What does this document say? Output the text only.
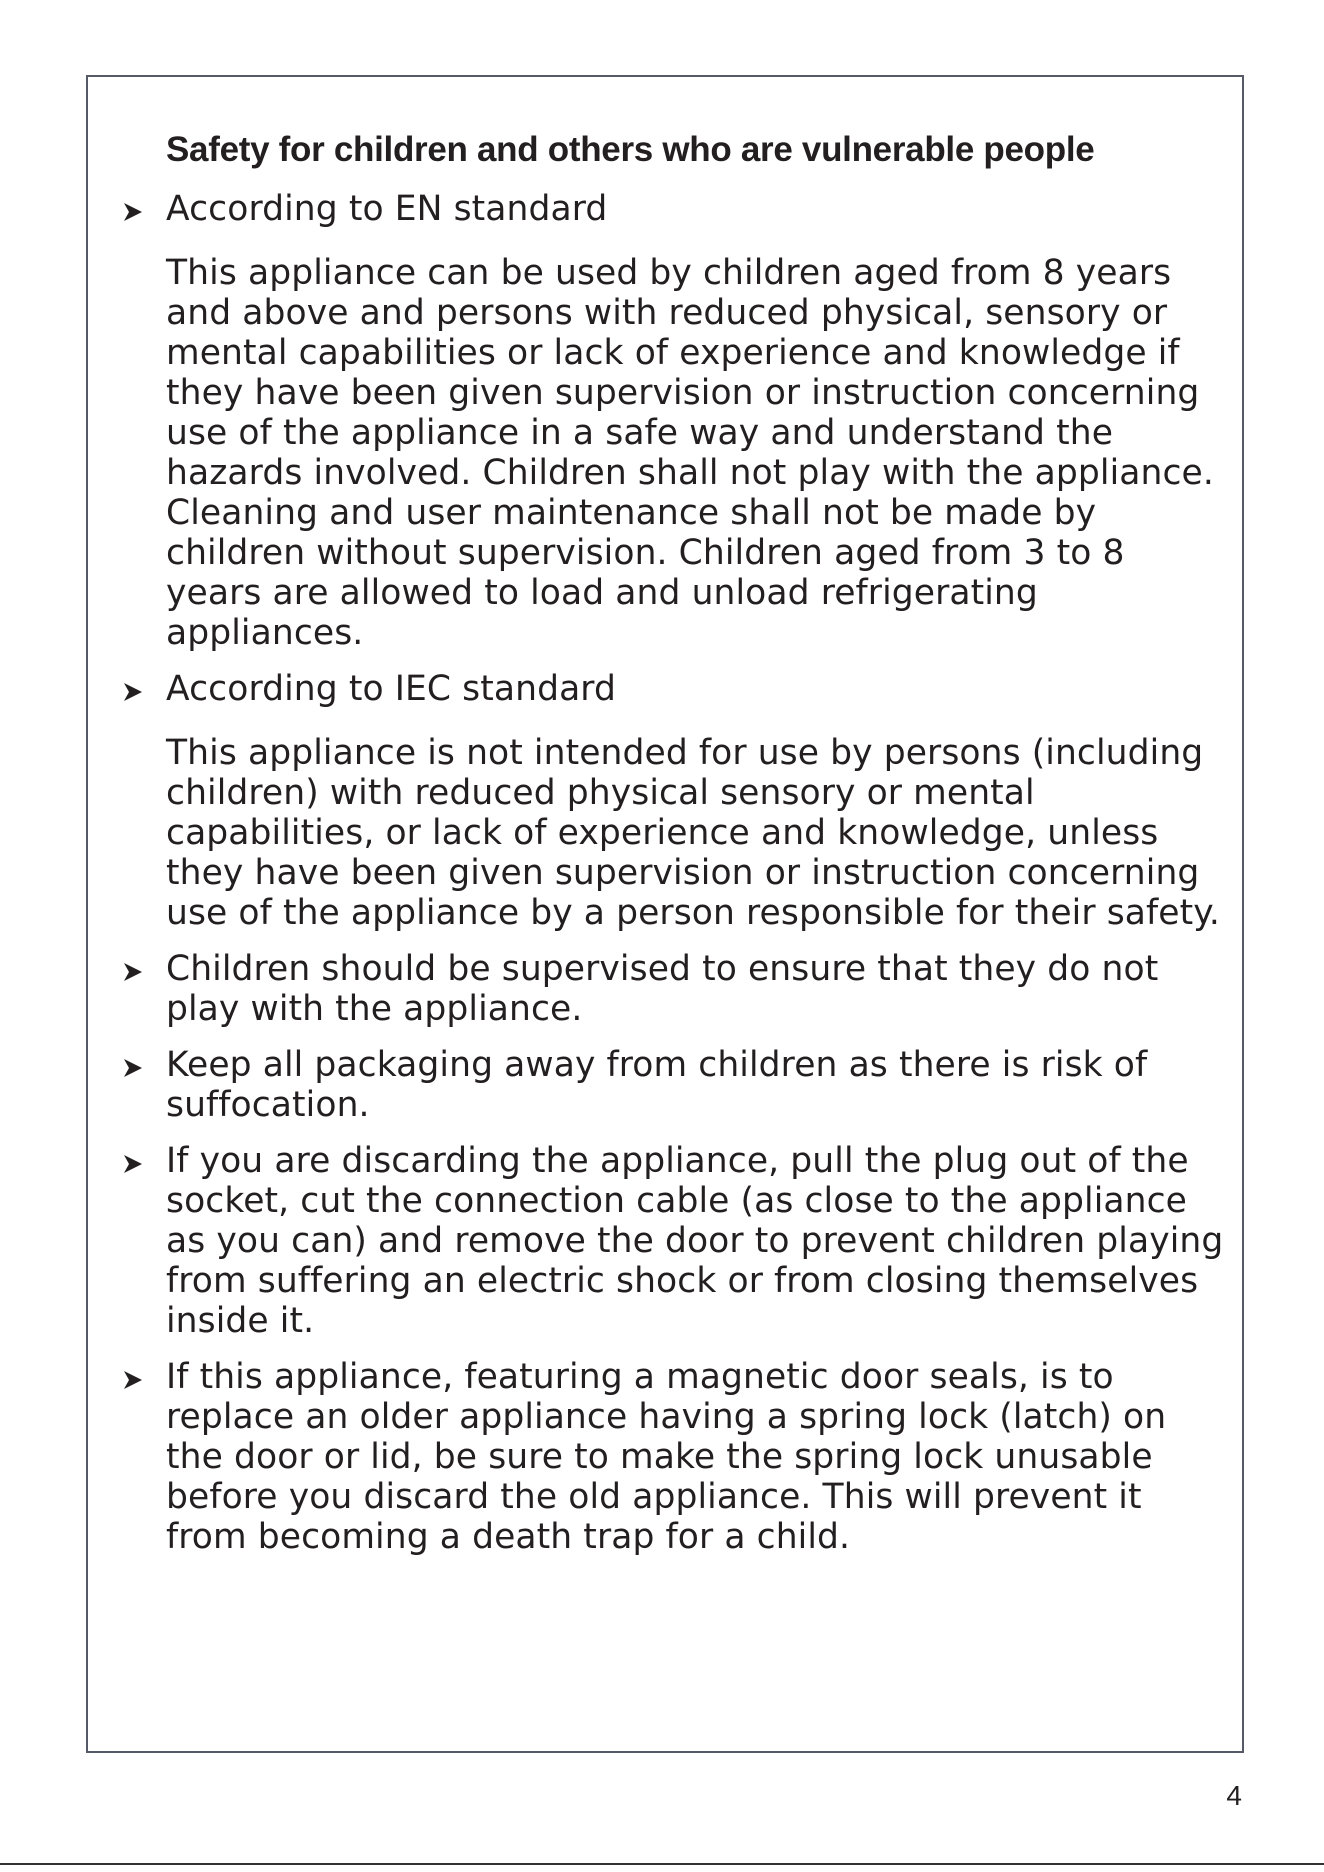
Safety for children and others who are vulnerable people

According to EN standard

This appliance can be used by children aged from 8 years and above and persons with reduced physical, sensory or mental capabilities or lack of experience and knowledge if they have been given supervision or instruction concerning use of the appliance in a safe way and understand the hazards involved. Children shall not play with the appliance. Cleaning and user maintenance shall not be made by children without supervision. Children aged from 3 to 8 years are allowed to load and unload refrigerating appliances.

According to IEC standard

This appliance is not intended for use by persons (including children) with reduced physical sensory or mental capabilities, or lack of experience and knowledge, unless they have been given supervision or instruction concerning use of the appliance by a person responsible for their safety.

Children should be supervised to ensure that they do not play with the appliance.

Keep all packaging away from children as there is risk of suffocation.

If you are discarding the appliance, pull the plug out of the socket, cut the connection cable (as close to the appliance as you can) and remove the door to prevent children playing from suffering an electric shock or from closing themselves inside it.

If this appliance, featuring a magnetic door seals, is to replace an older appliance having a spring lock (latch) on the door or lid, be sure to make the spring lock unusable before you discard the old appliance. This will prevent it from becoming a death trap for a child.

4
